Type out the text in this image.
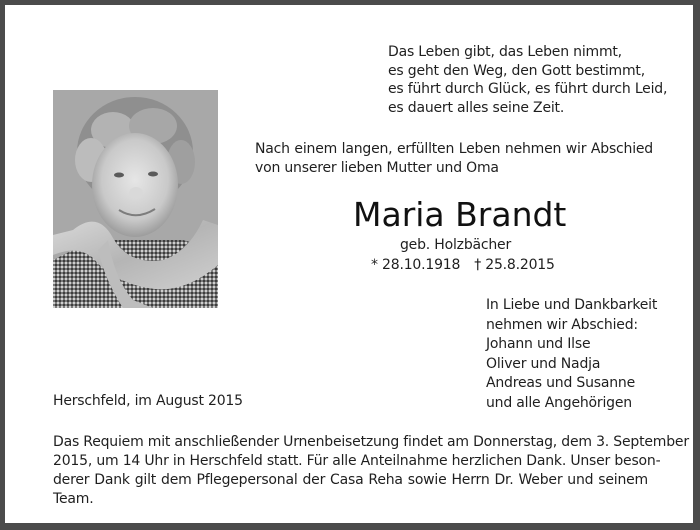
Das Leben gibt, das Leben nimmt,
es geht den Weg, den Gott bestimmt,
es führt durch Glück, es führt durch Leid,
es dauert alles seine Zeit.
Nach einem langen, erfüllten Leben nehmen wir Abschied
von unserer lieben Mutter und Oma
Maria Brandt
geb. Holzbächer
* 28.10.1918 † 25.8.2015
In Liebe und Dankbarkeit
nehmen wir Abschied:
Johann und Ilse
Oliver und Nadja
Andreas und Susanne
und alle Angehörigen
Herschfeld, im August 2015
Das Requiem mit anschließender Urnenbeisetzung findet am Donnerstag, dem 3. September
2015, um 14 Uhr in Herschfeld statt. Für alle Anteilnahme herzlichen Dank. Unser beson-
derer Dank gilt dem Pflegepersonal der Casa Reha sowie Herrn Dr. Weber und seinem Team.
